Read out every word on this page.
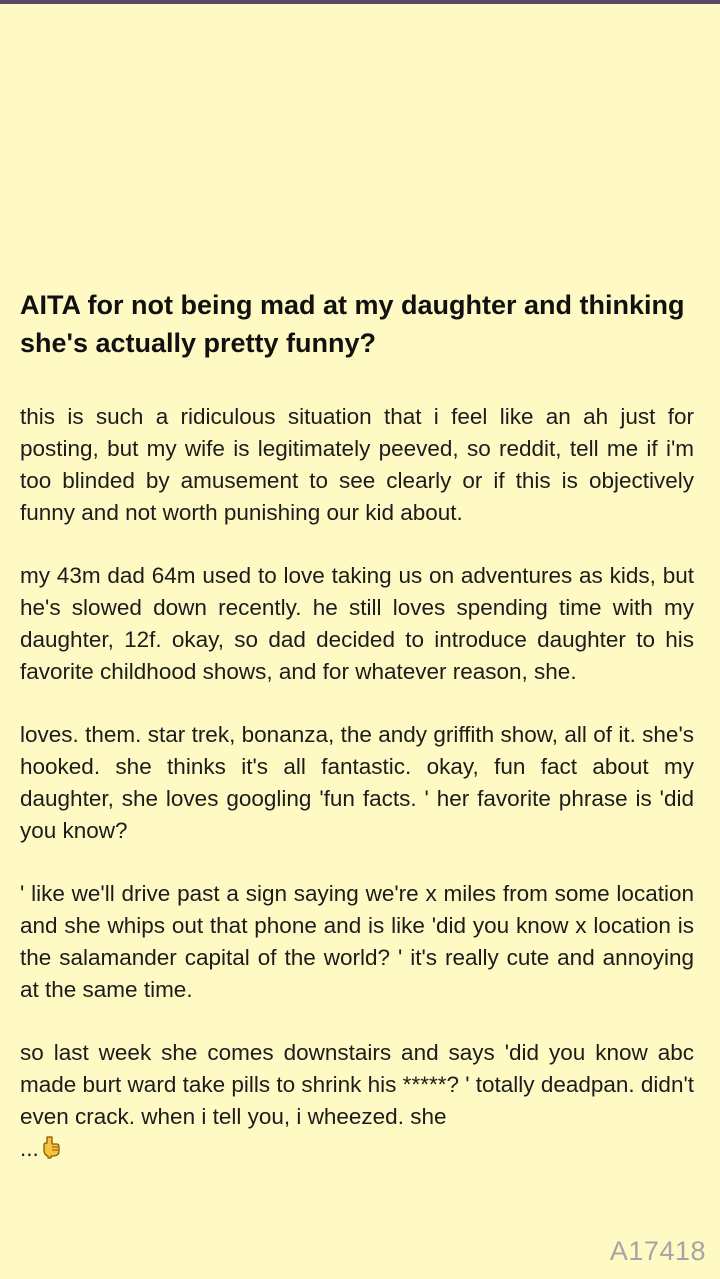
AITA for not being mad at my daughter and thinking she's actually pretty funny?

this is such a ridiculous situation that i feel like an ah just for posting, but my wife is legitimately peeved, so reddit, tell me if i'm too blinded by amusement to see clearly or if this is objectively funny and not worth punishing our kid about.

my 43m dad 64m used to love taking us on adventures as kids, but he's slowed down recently. he still loves spending time with my daughter, 12f. okay, so dad decided to introduce daughter to his favorite childhood shows, and for whatever reason, she.

loves. them. star trek, bonanza, the andy griffith show, all of it. she's hooked. she thinks it's all fantastic. okay, fun fact about my daughter, she loves googling 'fun facts. ' her favorite phrase is 'did you know?

' like we'll drive past a sign saying we're x miles from some location and she whips out that phone and is like 'did you know x location is the salamander capital of the world? ' it's really cute and annoying at the same time.

so last week she comes downstairs and says 'did you know abc made burt ward take pills to shrink his *****? ' totally deadpan. didn't even crack. when i tell you, i wheezed. she
...

A17418
